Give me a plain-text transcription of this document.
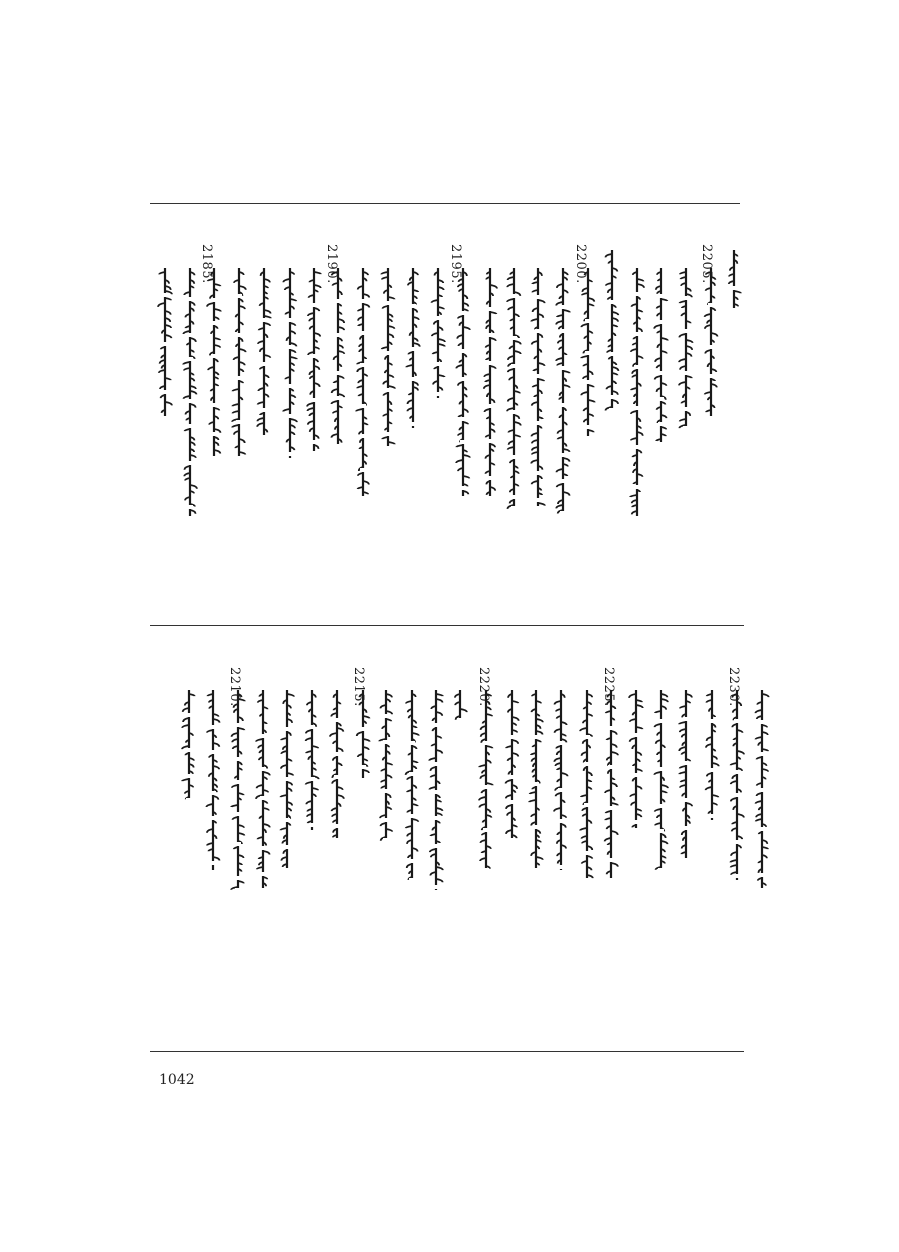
2205.
2200.
2195.
2190.
2185.
2230.
2225.
2220.
2215.
2210.
1042
